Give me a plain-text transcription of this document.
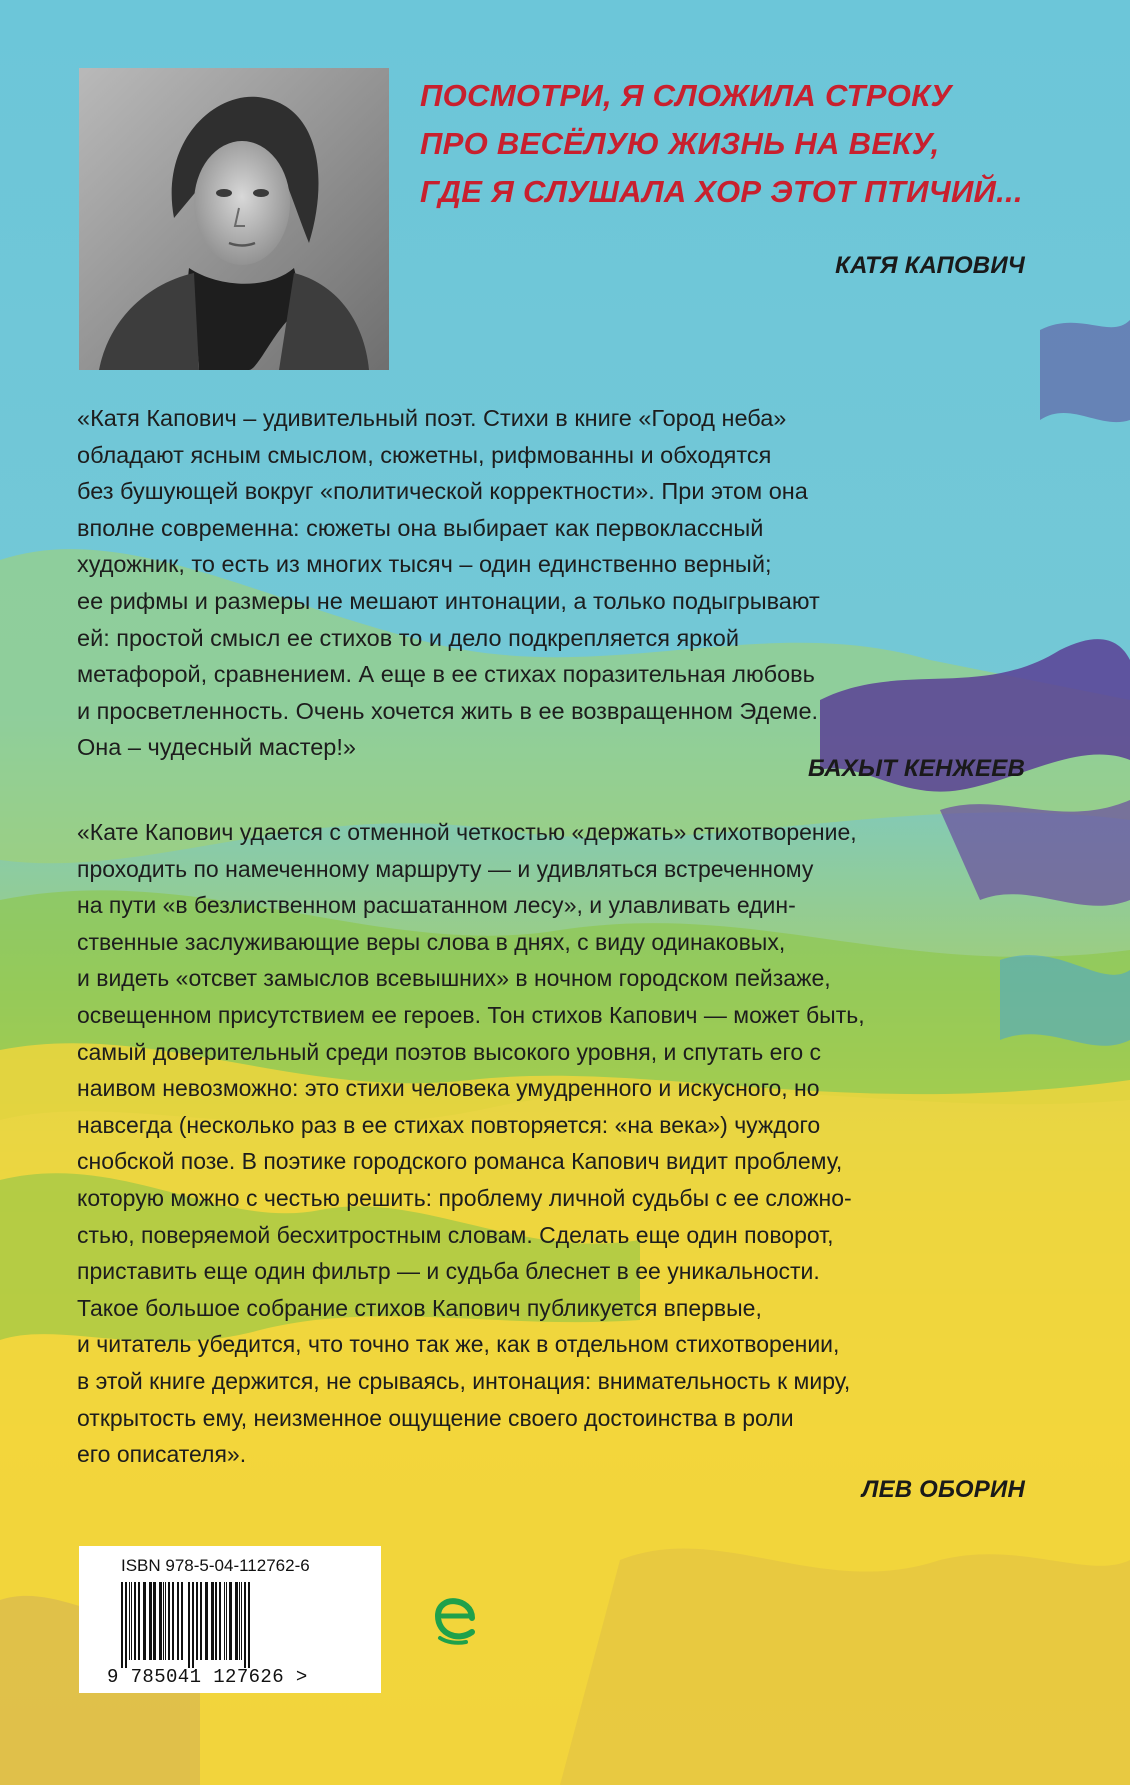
ПОСМОТРИ, Я СЛОЖИЛА СТРОКУ
ПРО ВЕСЁЛУЮ ЖИЗНЬ НА ВЕКУ,
ГДЕ Я СЛУШАЛА ХОР ЭТОТ ПТИЧИЙ...
КАТЯ КАПОВИЧ
«Катя Капович – удивительный поэт. Стихи в книге «Город неба»
обладают ясным смыслом, сюжетны, рифмованны и обходятся
без бушующей вокруг «политической корректности». При этом она
вполне современна: сюжеты она выбирает как первоклассный
художник, то есть из многих тысяч – один единственно верный;
ее рифмы и размеры не мешают интонации, а только подыгрывают
ей: простой смысл ее стихов то и дело подкрепляется яркой
метафорой, сравнением. А еще в ее стихах поразительная любовь
и просветленность. Очень хочется жить в ее возвращенном Эдеме.
Она – чудесный мастер!»
БАХЫТ КЕНЖЕЕВ
«Кате Капович удается с отменной четкостью «держать» стихотворение,
проходить по намеченному маршруту — и удивляться встреченному
на пути «в безлиственном расшатанном лесу», и улавливать един-
ственные заслуживающие веры слова в днях, с виду одинаковых,
и видеть «отсвет замыслов всевышних» в ночном городском пейзаже,
освещенном присутствием ее героев. Тон стихов Капович — может быть,
самый доверительный среди поэтов высокого уровня, и спутать его с
наивом невозможно: это стихи человека умудренного и искусного, но
навсегда (несколько раз в ее стихах повторяется: «на века») чуждого
снобской позе. В поэтике городского романса Капович видит проблему,
которую можно с честью решить: проблему личной судьбы с ее сложно-
стью, поверяемой бесхитростным словам. Сделать еще один поворот,
приставить еще один фильтр — и судьба блеснет в ее уникальности.
Такое большое собрание стихов Капович публикуется впервые,
и читатель убедится, что точно так же, как в отдельном стихотворении,
в этой книге держится, не срываясь, интонация: внимательность к миру,
открытость ему, неизменное ощущение своего достоинства в роли
его описателя».
ЛЕВ ОБОРИН
ISBN 978-5-04-112762-6
9 785041 127626 >
